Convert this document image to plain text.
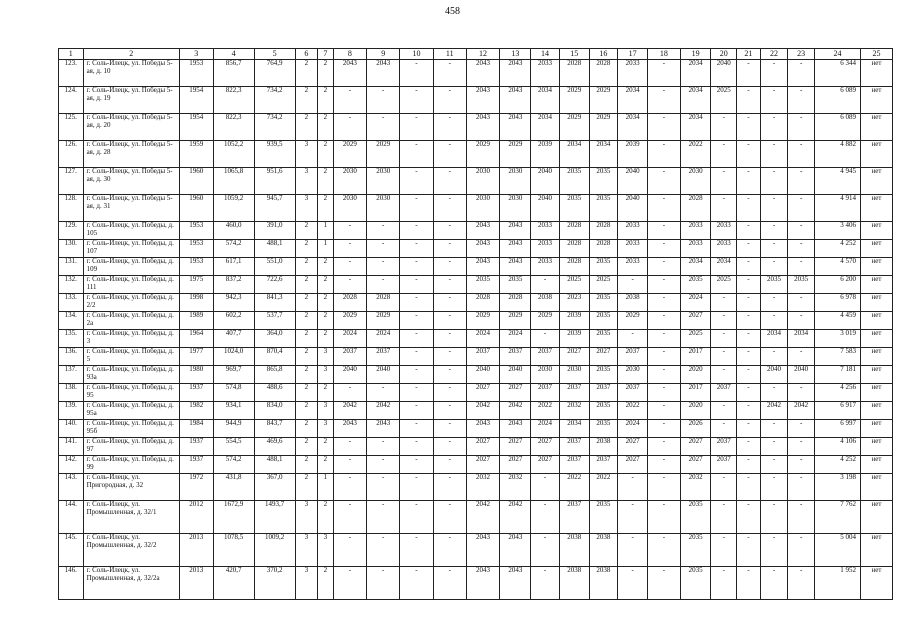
458
1	2	3	4	5	6	7	8	9	10	11	12	13	14	15	16	17	18	19	20	21	22	23	24	25
123.	г. Соль-Илецк, ул. Победы 5-ая, д. 10	1953	856,7	764,9	2	2	2043	2043	-	-	2043	2043	2033	2028	2028	2033	-	2034	2040	-	-	-	6 344	нет
124.	г. Соль-Илецк, ул. Победы 5-ая, д. 19	1954	822,3	734,2	2	2	-	-	-	-	2043	2043	2034	2029	2029	2034	-	2034	2025	-	-	-	6 089	нет
125.	г. Соль-Илецк, ул. Победы 5-ая, д. 20	1954	822,3	734,2	2	2	-	-	-	-	2043	2043	2034	2029	2029	2034	-	2034	-	-	-	-	6 089	нет
126.	г. Соль-Илецк, ул. Победы 5-ая, д. 28	1959	1052,2	939,5	3	2	2029	2029	-	-	2029	2029	2039	2034	2034	2039	-	2022	-	-	-	-	4 882	нет
127.	г. Соль-Илецк, ул. Победы 5-ая, д. 30	1960	1065,8	951,6	3	2	2030	2030	-	-	2030	2030	2040	2035	2035	2040	-	2030	-	-	-	-	4 945	нет
128.	г. Соль-Илецк, ул. Победы 5-ая, д. 31	1960	1059,2	945,7	3	2	2030	2030	-	-	2030	2030	2040	2035	2035	2040	-	2028	-	-	-	-	4 914	нет
129.	г. Соль-Илецк, ул. Победы, д. 105	1953	460,0	391,0	2	1	-	-	-	-	2043	2043	2033	2028	2028	2033	-	2033	2033	-	-	-	3 406	нет
130.	г. Соль-Илецк, ул. Победы, д. 107	1953	574,2	488,1	2	1	-	-	-	-	2043	2043	2033	2028	2028	2033	-	2033	2033	-	-	-	4 252	нет
131.	г. Соль-Илецк, ул. Победы, д. 109	1953	617,1	551,0	2	2	-	-	-	-	2043	2043	2033	2028	2035	2033	-	2034	2034	-	-	-	4 570	нет
132.	г. Соль-Илецк, ул. Победы, д. 111	1975	837,2	722,6	2	2	-	-	-	-	2035	2035	-	2025	2025	-	-	2035	2025	-	2035	2035	6 200	нет
133.	г. Соль-Илецк, ул. Победы, д. 2/2	1998	942,3	841,3	2	2	2028	2028	-	-	2028	2028	2038	2023	2035	2038	-	2024	-	-	-	-	6 978	нет
134.	г. Соль-Илецк, ул. Победы, д. 2а	1989	602,2	537,7	2	2	2029	2029	-	-	2029	2029	2029	2039	2035	2029	-	2027	-	-	-	-	4 459	нет
135.	г. Соль-Илецк, ул. Победы, д. 3	1964	407,7	364,0	2	2	2024	2024	-	-	2024	2024	-	2039	2035	-	-	2025	-	-	2034	2034	3 019	нет
136.	г. Соль-Илецк, ул. Победы, д. 5	1977	1024,0	870,4	2	3	2037	2037	-	-	2037	2037	2037	2027	2027	2037	-	2017	-	-	-	-	7 583	нет
137.	г. Соль-Илецк, ул. Победы, д. 93а	1980	969,7	865,8	2	3	2040	2040	-	-	2040	2040	2030	2030	2035	2030	-	2020	-	-	2040	2040	7 181	нет
138.	г. Соль-Илецк, ул. Победы, д. 95	1937	574,8	488,6	2	2	-	-	-	-	2027	2027	2037	2037	2037	2037	-	2017	2037	-	-	-	4 256	нет
139.	г. Соль-Илецк, ул. Победы, д. 95а	1982	934,1	834,0	2	3	2042	2042	-	-	2042	2042	2022	2032	2035	2022	-	2020	-	-	2042	2042	6 917	нет
140.	г. Соль-Илецк, ул. Победы, д. 95б	1984	944,9	843,7	2	3	2043	2043	-	-	2043	2043	2024	2034	2035	2024	-	2026	-	-	-	-	6 997	нет
141.	г. Соль-Илецк, ул. Победы, д. 97	1937	554,5	469,6	2	2	-	-	-	-	2027	2027	2027	2037	2038	2027	-	2027	2037	-	-	-	4 106	нет
142.	г. Соль-Илецк, ул. Победы, д. 99	1937	574,2	488,1	2	2	-	-	-	-	2027	2027	2027	2037	2037	2027	-	2027	2037	-	-	-	4 252	нет
143.	г. Соль-Илецк, ул. Пригородная, д. 32	1972	431,8	367,0	2	1	-	-	-	-	2032	2032	-	2022	2022	-	-	2032	-	-	-	-	3 198	нет
144.	г. Соль-Илецк, ул. Промышленная, д. 32/1	2012	1672,9	1493,7	3	2	-	-	-	-	2042	2042	-	2037	2035	-	-	2035	-	-	-	-	7 762	нет
145.	г. Соль-Илецк, ул. Промышленная, д. 32/2	2013	1078,5	1009,2	3	3	-	-	-	-	2043	2043	-	2038	2038	-	-	2035	-	-	-	-	5 004	нет
146.	г. Соль-Илецк, ул. Промышленная, д. 32/2а	2013	420,7	370,2	3	2	-	-	-	-	2043	2043	-	2038	2038	-	-	2035	-	-	-	-	1 952	нет
